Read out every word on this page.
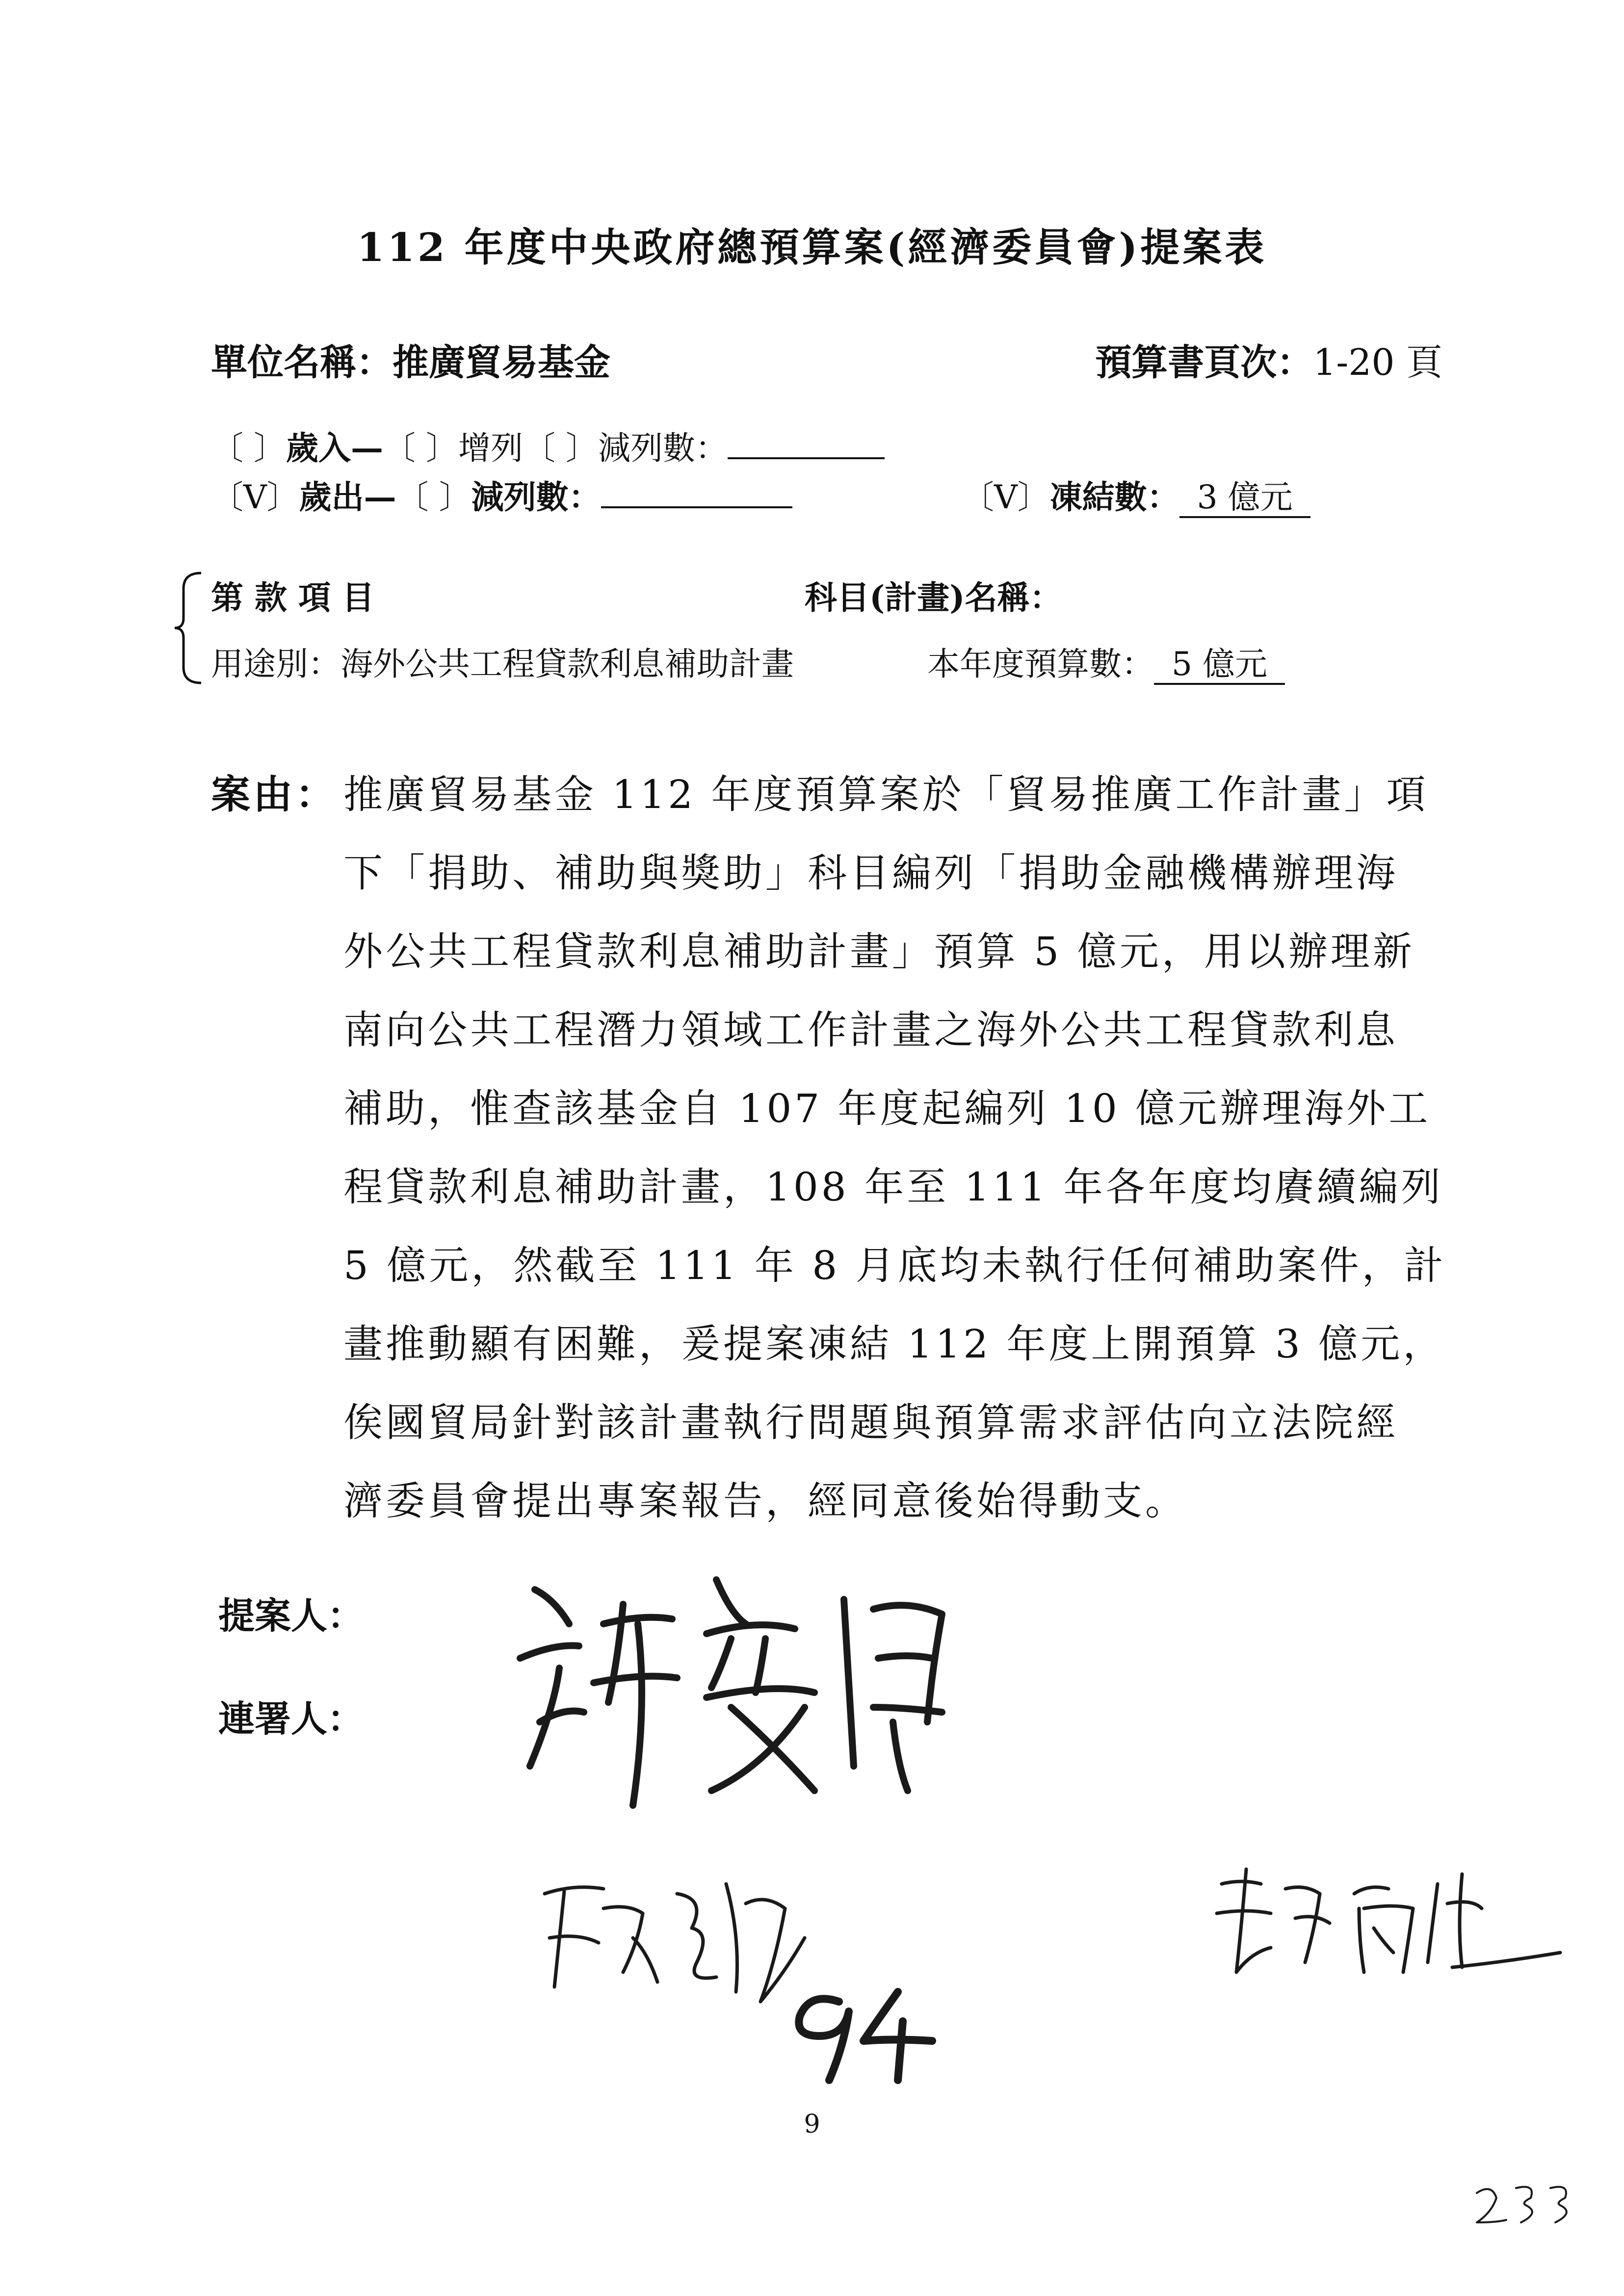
112 年度中央政府總預算案(經濟委員會)提案表
單位名稱：推廣貿易基金	預算書頁次：1-20 頁
〔 〕歲入—〔 〕增列〔 〕減列數：
〔V〕歲出—〔 〕減列數：	〔V〕凍結數： 3 億元
第 款 項 目	科目(計畫)名稱：
用途別：海外公共工程貸款利息補助計畫	本年度預算數： 5 億元
案由： 推廣貿易基金 112 年度預算案於「貿易推廣工作計畫」項
下「捐助、補助與獎助」科目編列「捐助金融機構辦理海
外公共工程貸款利息補助計畫」預算 5 億元，用以辦理新
南向公共工程潛力領域工作計畫之海外公共工程貸款利息
補助，惟查該基金自 107 年度起編列 10 億元辦理海外工
程貸款利息補助計畫，108 年至 111 年各年度均賡續編列
5 億元，然截至 111 年 8 月底均未執行任何補助案件，計
畫推動顯有困難，爰提案凍結 112 年度上開預算 3 億元，
俟國貿局針對該計畫執行問題與預算需求評估向立法院經
濟委員會提出專案報告，經同意後始得動支。
提案人：
連署人：
9
